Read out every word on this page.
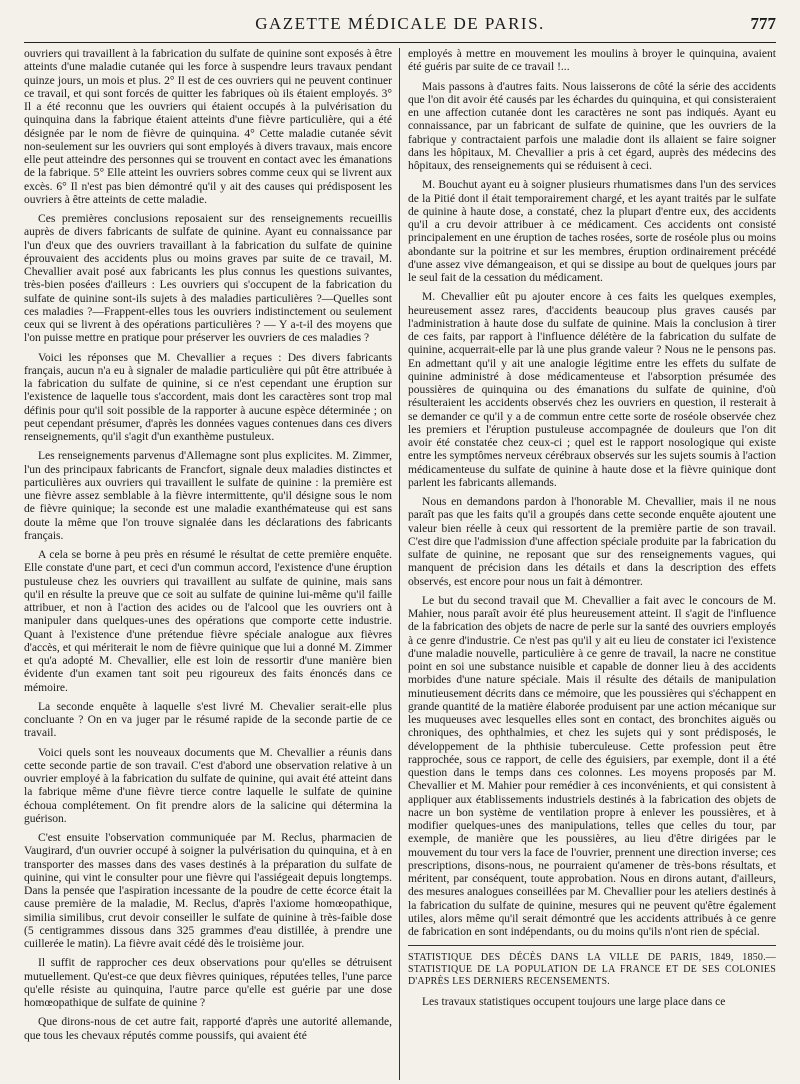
GAZETTE MÉDICALE DE PARIS.	777

ouvriers qui travaillent à la fabrication du sulfate de quinine sont exposés à être atteints d'une maladie cutanée qui les force à suspendre leurs travaux pendant quinze jours, un mois et plus. 2° Il est de ces ouvriers qui ne peuvent continuer ce travail, et qui sont forcés de quitter les fabriques où ils étaient employés. 3° Il a été reconnu que les ouvriers qui étaient occupés à la pulvérisation du quinquina dans la fabrique étaient atteints d'une fièvre particulière, qui a été désignée par le nom de fièvre de quinquina. 4° Cette maladie cutanée sévit non-seulement sur les ouvriers qui sont employés à divers travaux, mais encore elle peut atteindre des personnes qui se trouvent en contact avec les émanations de la fabrique. 5° Elle atteint les ouvriers sobres comme ceux qui se livrent aux excès. 6° Il n'est pas bien démontré qu'il y ait des causes qui prédisposent les ouvriers à être atteints de cette maladie.

Ces premières conclusions reposaient sur des renseignements recueillis auprès de divers fabricants de sulfate de quinine. Ayant eu connaissance par l'un d'eux que des ouvriers travaillant à la fabrication du sulfate de quinine éprouvaient des accidents plus ou moins graves par suite de ce travail, M. Chevallier avait posé aux fabricants les plus connus les questions suivantes, très-bien posées d'ailleurs : Les ouvriers qui s'occupent de la fabrication du sulfate de quinine sont-ils sujets à des maladies particulières ?—Quelles sont ces maladies ?—Frappent-elles tous les ouvriers indistinctement ou seulement ceux qui se livrent à des opérations particulières ? — Y a-t-il des moyens que l'on puisse mettre en pratique pour préserver les ouvriers de ces maladies ?

Voici les réponses que M. Chevallier a reçues : Des divers fabricants français, aucun n'a eu à signaler de maladie particulière qui pût être attribuée à la fabrication du sulfate de quinine, si ce n'est cependant une éruption sur l'existence de laquelle tous s'accordent, mais dont les caractères sont trop mal définis pour qu'il soit possible de la rapporter à aucune espèce déterminée ; on peut cependant présumer, d'après les données vagues contenues dans ces divers renseignements, qu'il s'agit d'un exanthème pustuleux.

Les renseignements parvenus d'Allemagne sont plus explicites. M. Zimmer, l'un des principaux fabricants de Francfort, signale deux maladies distinctes et particulières aux ouvriers qui travaillent le sulfate de quinine : la première est une fièvre assez semblable à la fièvre intermittente, qu'il désigne sous le nom de fièvre quinique; la seconde est une maladie exanthémateuse qui est sans doute la même que l'on trouve signalée dans les déclarations des fabricants français.

A cela se borne à peu près en résumé le résultat de cette première enquête. Elle constate d'une part, et ceci d'un commun accord, l'existence d'une éruption pustuleuse chez les ouvriers qui travaillent au sulfate de quinine, mais sans qu'il en résulte la preuve que ce soit au sulfate de quinine lui-même qu'il faille attribuer, et non à l'action des acides ou de l'alcool que les ouvriers ont à manipuler dans quelques-unes des opérations que comporte cette industrie. Quant à l'existence d'une prétendue fièvre spéciale analogue aux fièvres d'accès, et qui mériterait le nom de fièvre quinique que lui a donné M. Zimmer et qu'a adopté M. Chevallier, elle est loin de ressortir d'une manière bien évidente d'un examen tant soit peu rigoureux des faits énoncés dans ce mémoire.

La seconde enquête à laquelle s'est livré M. Chevalier serait-elle plus concluante ? On en va juger par le résumé rapide de la seconde partie de ce travail.

Voici quels sont les nouveaux documents que M. Chevallier a réunis dans cette seconde partie de son travail. C'est d'abord une observation relative à un ouvrier employé à la fabrication du sulfate de quinine, qui avait été atteint dans la fabrique même d'une fièvre tierce contre laquelle le sulfate de quinine échoua complétement. On fit prendre alors de la salicine qui détermina la guérison.

C'est ensuite l'observation communiquée par M. Reclus, pharmacien de Vaugirard, d'un ouvrier occupé à soigner la pulvérisation du quinquina, et à en transporter des masses dans des vases destinés à la préparation du sulfate de quinine, qui vint le consulter pour une fièvre qui l'assiégeait depuis longtemps. Dans la pensée que l'aspiration incessante de la poudre de cette écorce était la cause première de la maladie, M. Reclus, d'après l'axiome homœopathique, similia similibus, crut devoir conseiller le sulfate de quinine à très-faible dose (5 centigrammes dissous dans 325 grammes d'eau distillée, à prendre une cuillerée le matin). La fièvre avait cédé dès le troisième jour.

Il suffit de rapprocher ces deux observations pour qu'elles se détruisent mutuellement. Qu'est-ce que deux fièvres quiniques, réputées telles, l'une parce qu'elle résiste au quinquina, l'autre parce qu'elle est guérie par une dose homœopathique de sulfate de quinine ?

Que dirons-nous de cet autre fait, rapporté d'après une autorité allemande, que tous les chevaux réputés comme poussifs, qui avaient été

employés à mettre en mouvement les moulins à broyer le quinquina, avaient été guéris par suite de ce travail !...

Mais passons à d'autres faits. Nous laisserons de côté la série des accidents que l'on dit avoir été causés par les échardes du quinquina, et qui consisteraient en une affection cutanée dont les caractères ne sont pas indiqués. Ayant eu connaissance, par un fabricant de sulfate de quinine, que les ouvriers de la fabrique y contractaient parfois une maladie dont ils allaient se faire soigner dans les hôpitaux, M. Chevallier a pris à cet égard, auprès des médecins des hôpitaux, des renseignements qui se réduisent à ceci.

M. Bouchut ayant eu à soigner plusieurs rhumatismes dans l'un des services de la Pitié dont il était temporairement chargé, et les ayant traités par le sulfate de quinine à haute dose, a constaté, chez la plupart d'entre eux, des accidents qu'il a cru devoir attribuer à ce médicament. Ces accidents ont consisté principalement en une éruption de taches rosées, sorte de roséole plus ou moins abondante sur la poitrine et sur les membres, éruption ordinairement précédé d'une assez vive démangeaison, et qui se dissipe au bout de quelques jours par le seul fait de la cessation du médicament.

M. Chevallier eût pu ajouter encore à ces faits les quelques exemples, heureusement assez rares, d'accidents beaucoup plus graves causés par l'administration à haute dose du sulfate de quinine. Mais la conclusion à tirer de ces faits, par rapport à l'influence délétère de la fabrication du sulfate de quinine, acquerrait-elle par là une plus grande valeur ? Nous ne le pensons pas. En admettant qu'il y ait une analogie légitime entre les effets du sulfate de quinine administré à dose médicamenteuse et l'absorption présumée des poussières de quinquina ou des émanations du sulfate de quinine, d'où résulteraient les accidents observés chez les ouvriers en question, il resterait à se demander ce qu'il y a de commun entre cette sorte de roséole observée chez les premiers et l'éruption pustuleuse accompagnée de douleurs que l'on dit avoir été constatée chez ceux-ci ; quel est le rapport nosologique qui existe entre les symptômes nerveux cérébraux observés sur les sujets soumis à l'action médicamenteuse du sulfate de quinine à haute dose et la fièvre quinique dont parlent les fabricants allemands.

Nous en demandons pardon à l'honorable M. Chevallier, mais il ne nous paraît pas que les faits qu'il a groupés dans cette seconde enquête ajoutent une valeur bien réelle à ceux qui ressortent de la première partie de son travail. C'est dire que l'admission d'une affection spéciale produite par la fabrication du sulfate de quinine, ne reposant que sur des renseignements vagues, qui manquent de précision dans les détails et dans la description des effets observés, est encore pour nous un fait à démontrer.

Le but du second travail que M. Chevallier a fait avec le concours de M. Mahier, nous paraît avoir été plus heureusement atteint. Il s'agit de l'influence de la fabrication des objets de nacre de perle sur la santé des ouvriers employés à ce genre d'industrie. Ce n'est pas qu'il y ait eu lieu de constater ici l'existence d'une maladie nouvelle, particulière à ce genre de travail, la nacre ne constitue point en soi une substance nuisible et capable de donner lieu à des accidents morbides d'une nature spéciale. Mais il résulte des détails de manipulation minutieusement décrits dans ce mémoire, que les poussières qui s'échappent en grande quantité de la matière élaborée produisent par une action mécanique sur les muqueuses avec lesquelles elles sont en contact, des bronchites aiguës ou chroniques, des ophthalmies, et chez les sujets qui y sont prédisposés, le développement de la phthisie tuberculeuse. Cette profession peut être rapprochée, sous ce rapport, de celle des éguisiers, par exemple, dont il a été question dans le temps dans ces colonnes. Les moyens proposés par M. Chevallier et M. Mahier pour remédier à ces inconvénients, et qui consistent à appliquer aux établissements industriels destinés à la fabrication des objets de nacre un bon système de ventilation propre à enlever les poussières, et à modifier quelques-unes des manipulations, telles que celles du tour, par exemple, de manière que les poussières, au lieu d'être dirigées par le mouvement du tour vers la face de l'ouvrier, prennent une direction inverse; ces prescriptions, disons-nous, ne pourraient qu'amener de très-bons résultats, et méritent, par conséquent, toute approbation. Nous en dirons autant, d'ailleurs, des mesures analogues conseillées par M. Chevallier pour les ateliers destinés à la fabrication du sulfate de quinine, mesures qui ne peuvent qu'être également utiles, alors même qu'il serait démontré que les accidents attribués à ce genre de fabrication en sont indépendants, ou du moins qu'ils n'ont rien de spécial.

STATISTIQUE DES DÉCÈS DANS LA VILLE DE PARIS, 1849, 1850.—STATISTIQUE DE LA POPULATION DE LA FRANCE ET DE SES COLONIES D'APRÈS LES DERNIERS RECENSEMENTS.

Les travaux statistiques occupent toujours une large place dans ce
